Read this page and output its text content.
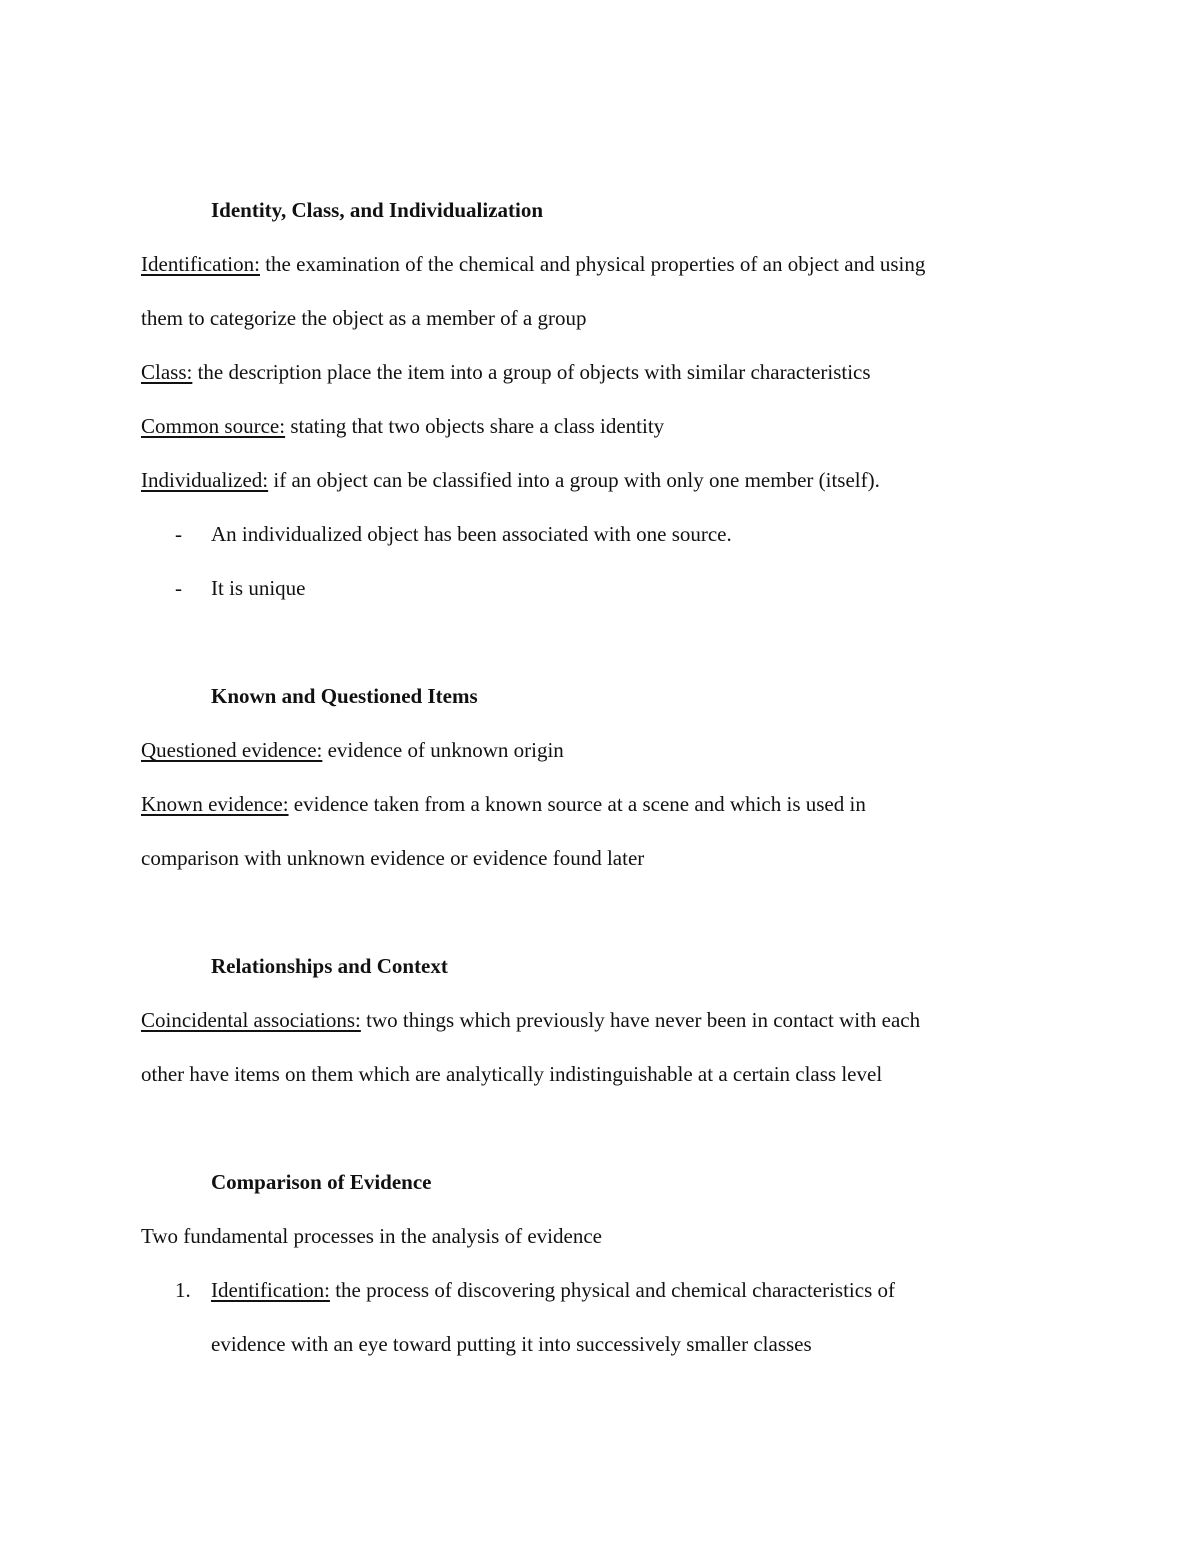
Identity, Class, and Individualization
Identification: the examination of the chemical and physical properties of an object and using
them to categorize the object as a member of a group
Class: the description place the item into a group of objects with similar characteristics
Common source: stating that two objects share a class identity
Individualized: if an object can be classified into a group with only one member (itself).
-	An individualized object has been associated with one source.
-	It is unique
Known and Questioned Items
Questioned evidence: evidence of unknown origin
Known evidence: evidence taken from a known source at a scene and which is used in
comparison with unknown evidence or evidence found later
Relationships and Context
Coincidental associations: two things which previously have never been in contact with each
other have items on them which are analytically indistinguishable at a certain class level
Comparison of Evidence
Two fundamental processes in the analysis of evidence
1. Identification: the process of discovering physical and chemical characteristics of
evidence with an eye toward putting it into successively smaller classes
